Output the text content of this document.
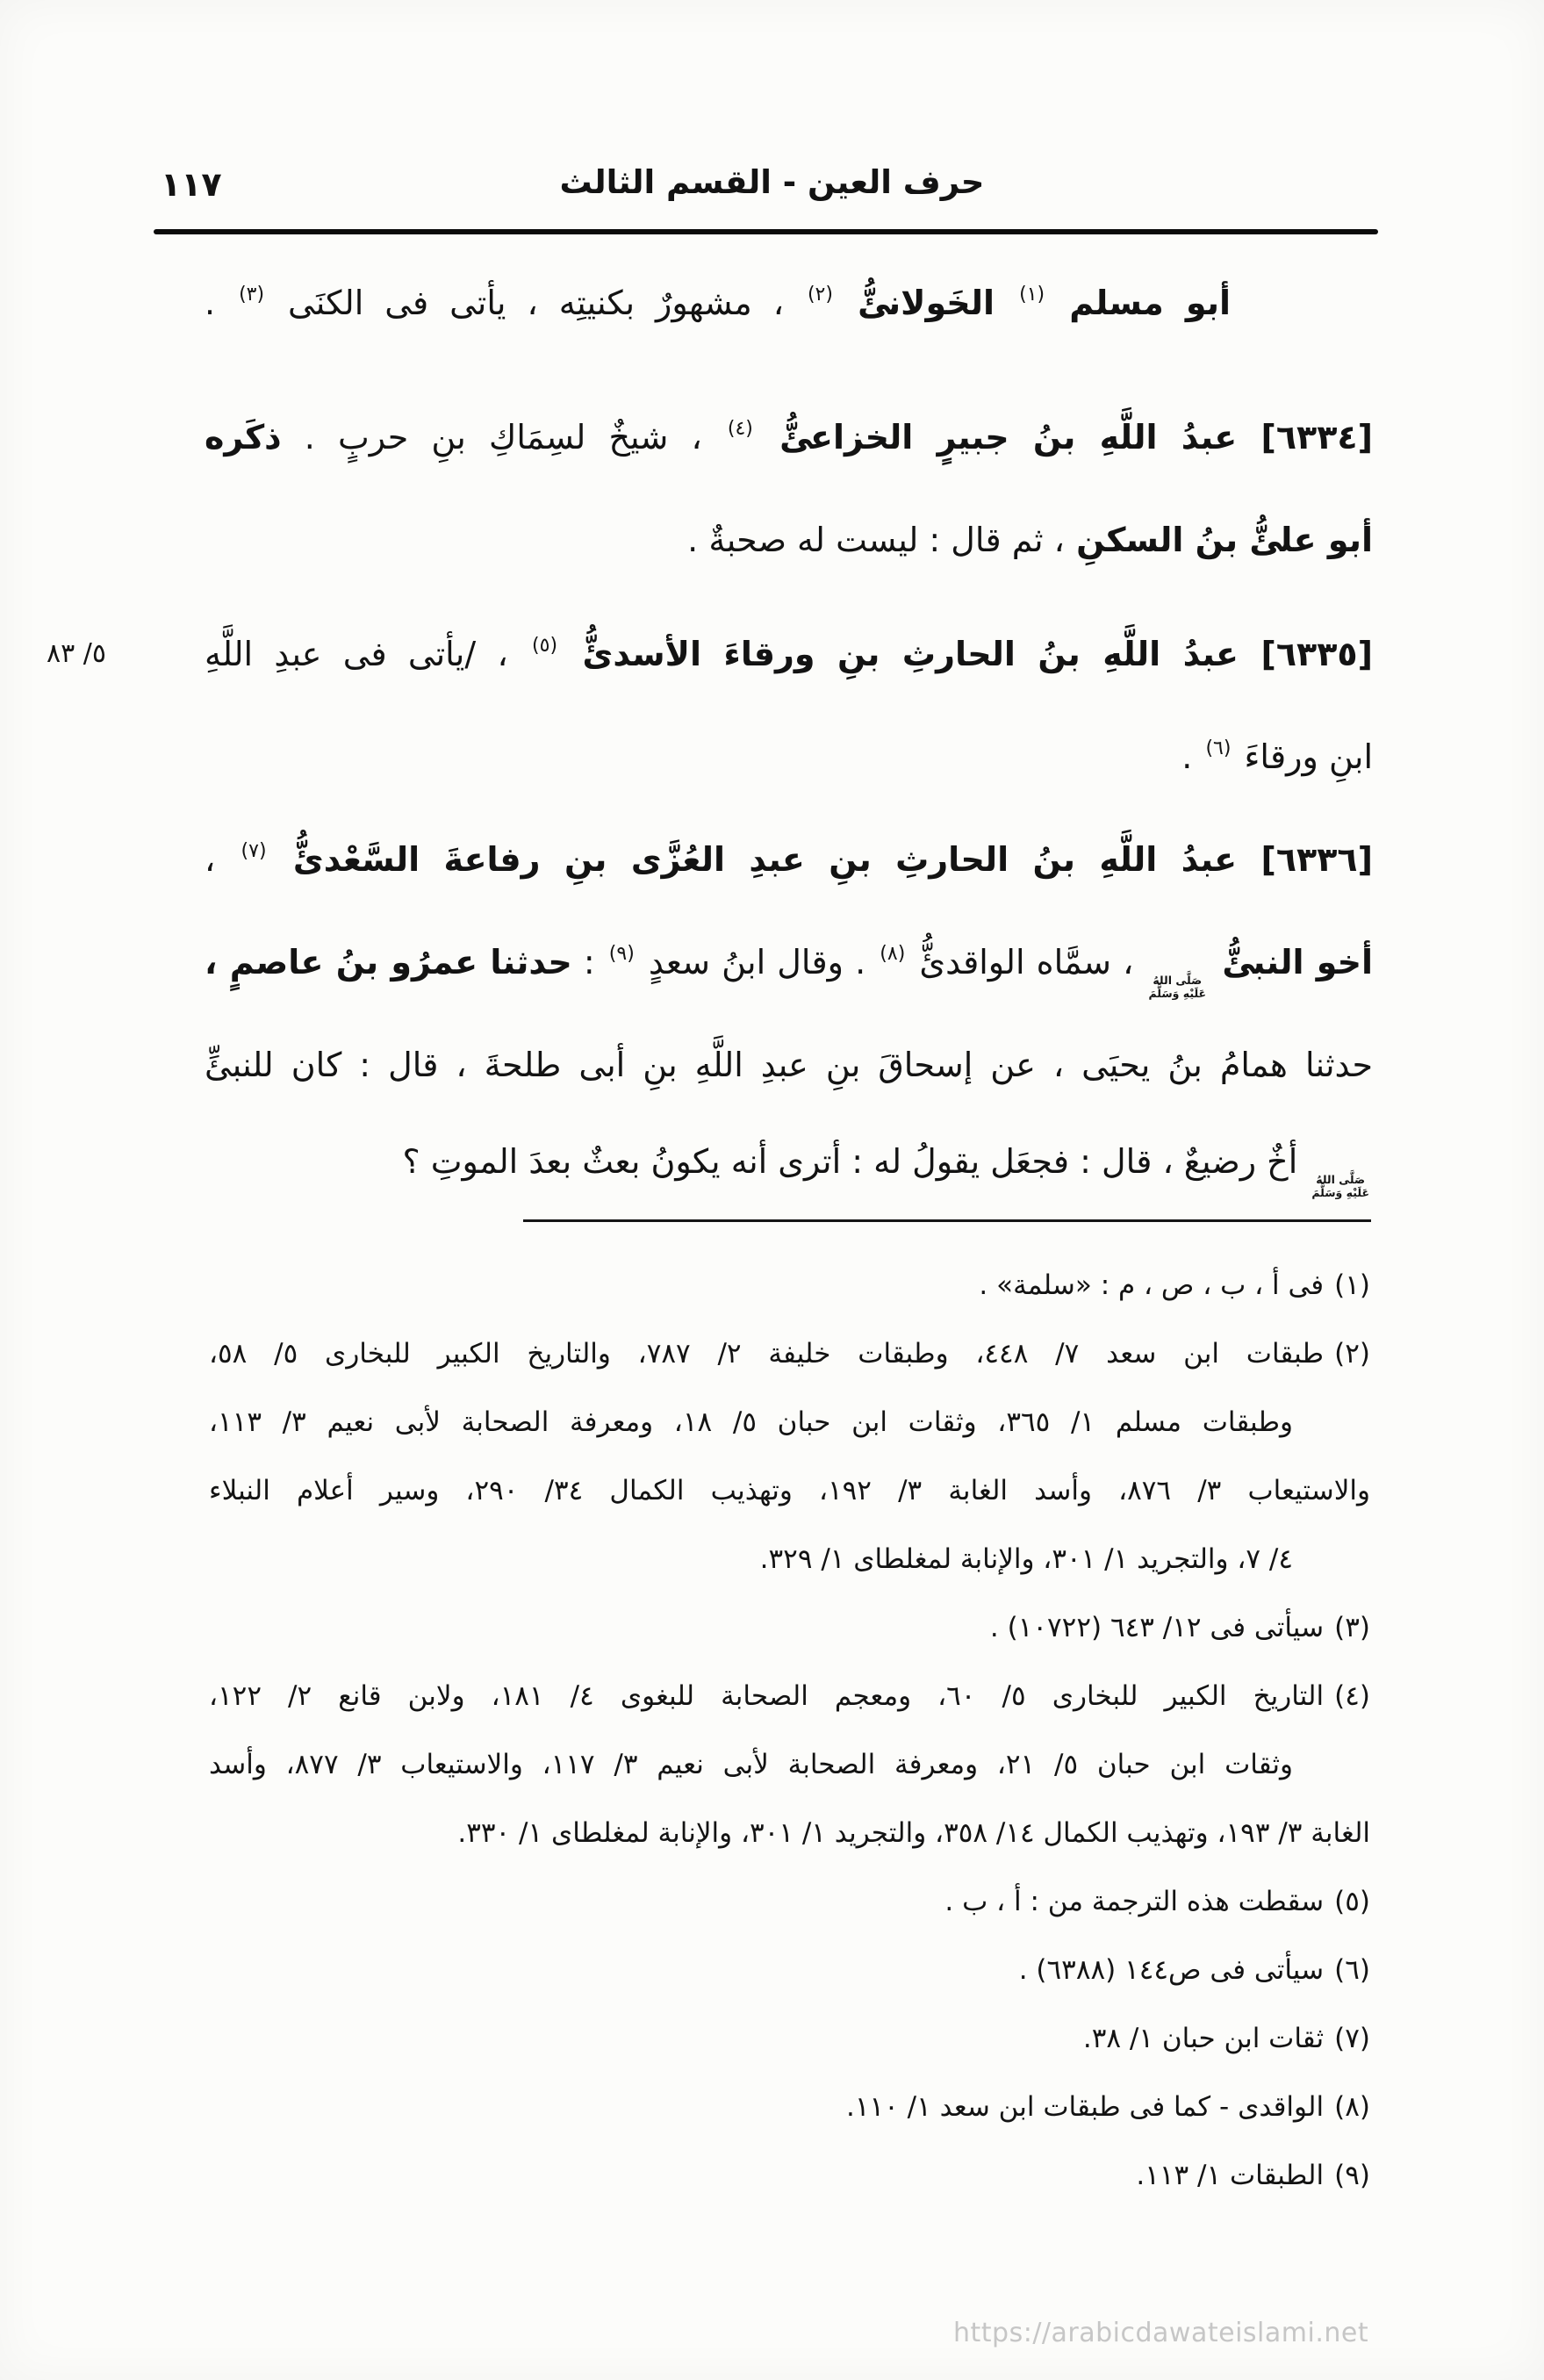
١١٧	حرف العين - القسم الثالث
أبو مسلم $^{(١)}$ الخَولانئُّ $^{(٢)}$ ، مشهورٌ بكنيتِه ، يأتى فى الكنَى $^{(٣)}$ .
[٦٣٣٤] عبدُ اللَّهِ بنُ جبيرٍ الخزاعئُّ $^{(٤)}$ ، شيخٌ لسِمَاكِ بنِ حربٍ . ذكَره
أبو علئُّ بنُ السكنِ ، ثم قال : ليست له صحبةٌ .
٥/ ٨٣	[٦٣٣٥] عبدُ اللَّهِ بنُ الحارثِ بنِ ورقاءَ الأسدئُّ $^{(٥)}$ ، /يأتى فى عبدِ اللَّهِ
ابنِ ورقاءَ $^{(٦)}$ .
[٦٣٣٦] عبدُ اللَّهِ بنُ الحارثِ بنِ عبدِ العُزَّى بنِ رفاعةَ السَّعْدئُّ $^{(٧)}$ ،
أخو النبئُّ
صَلَّى اللهُ
عَلَيْهِ وَسَلَّمَ
، سمَّاه الواقدئُّ $^{(٨)}$ . وقال ابنُ سعدٍ $^{(٩)}$ : حدثنا عمرُو بنُ عاصمٍ ،
حدثنا همامُ بنُ يحيَى ، عن إسحاقَ بنِ عبدِ اللَّهِ بنِ أبى طلحةَ ، قال : كان للنبئِّ
صَلَّى اللهُ
عَلَيْهِ وَسَلَّمَ
أخٌ رضيعٌ ، قال : فجعَل يقولُ له : أترى أنه يكونُ بعثٌ بعدَ الموتِ ؟
(١)فى أ ، ب ، ص ، م : «سلمة» .
(٢)طبقات ابن سعد ٧/ ٤٤٨، وطبقات خليفة ٢/ ٧٨٧، والتاريخ الكبير للبخارى ٥/ ٥٨،
وطبقات مسلم ١/ ٣٦٥، وثقات ابن حبان ٥/ ١٨، ومعرفة الصحابة لأبى نعيم ٣/ ١١٣،
والاستيعاب ٣/ ٨٧٦، وأسد الغابة ٣/ ١٩٢، وتهذيب الكمال ٣٤/ ٢٩٠، وسير أعلام النبلاء
٤/ ٧، والتجريد ١/ ٣٠١، والإنابة لمغلطاى ١/ ٣٢٩.
(٣)سيأتى فى ١٢/ ٦٤٣ (١٠٧٢٢) .
(٤)التاريخ الكبير للبخارى ٥/ ٦٠، ومعجم الصحابة للبغوى ٤/ ١٨١، ولابن قانع ٢/ ١٢٢،
وثقات ابن حبان ٥/ ٢١، ومعرفة الصحابة لأبى نعيم ٣/ ١١٧، والاستيعاب ٣/ ٨٧٧، وأسد
الغابة ٣/ ١٩٣، وتهذيب الكمال ١٤/ ٣٥٨، والتجريد ١/ ٣٠١، والإنابة لمغلطاى ١/ ٣٣٠.
(٥)سقطت هذه الترجمة من : أ ، ب .
(٦)سيأتى فى ص١٤٤ (٦٣٨٨) .
(٧)ثقات ابن حبان ١/ ٣٨.
(٨)الواقدى - كما فى طبقات ابن سعد ١/ ١١٠.
(٩)الطبقات ١/ ١١٣.
https://arabicdawateislami.net
